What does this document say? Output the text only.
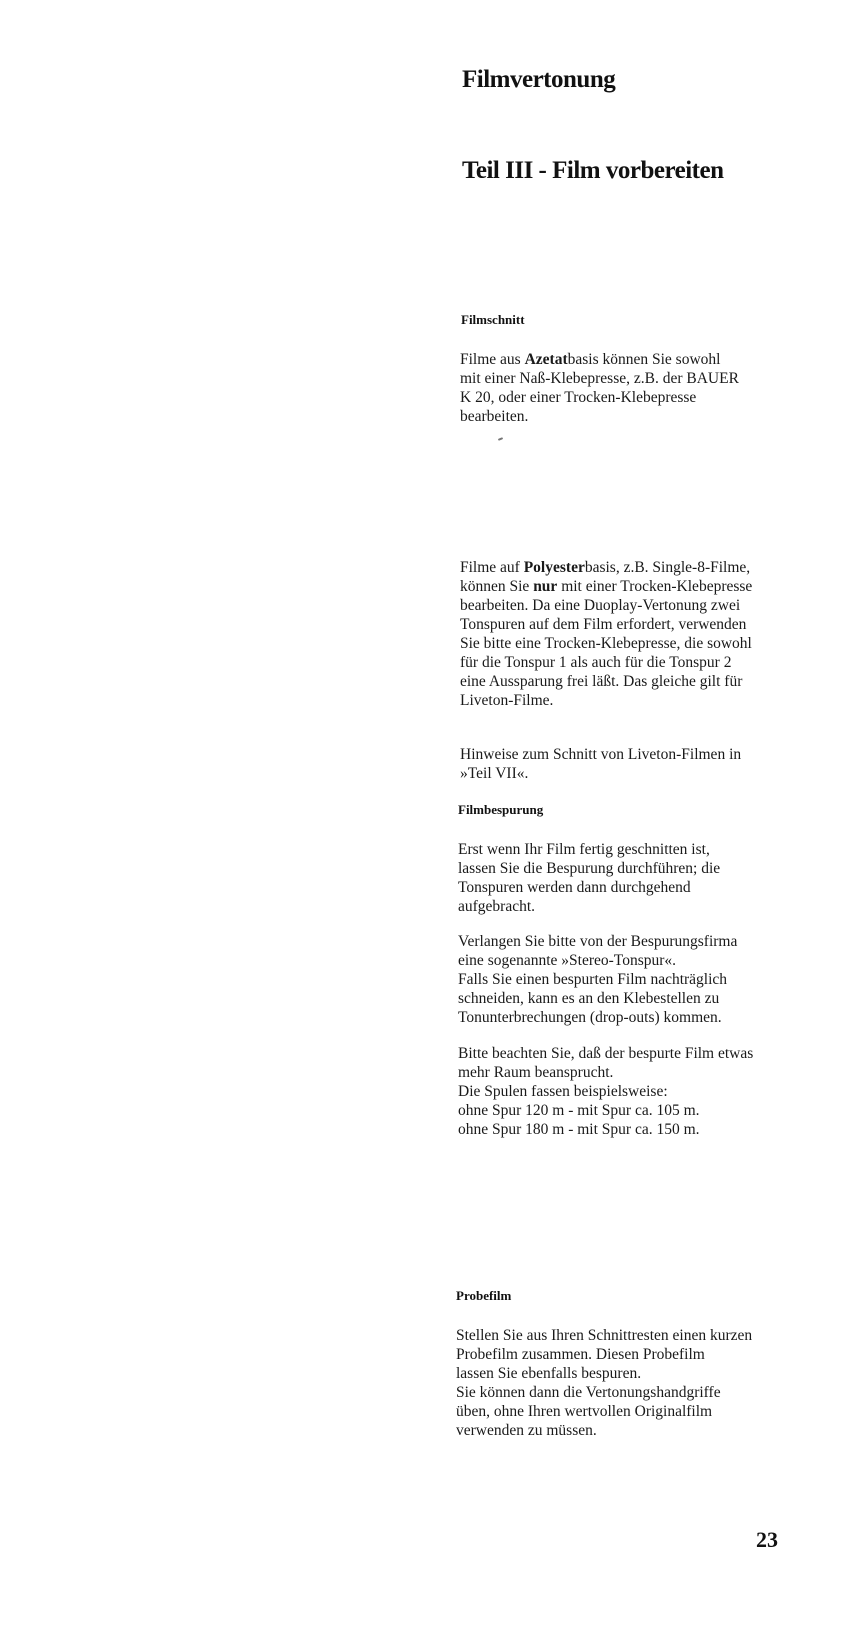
Filmvertonung
Teil III - Film vorbereiten
Filmschnitt

Filme aus Azetatbasis können Sie sowohl
mit einer Naß-Klebepresse, z.B. der BAUER
K 20, oder einer Trocken-Klebepresse
bearbeiten.

Filme auf Polyesterbasis, z.B. Single-8-Filme,
können Sie nur mit einer Trocken-Klebepresse
bearbeiten. Da eine Duoplay-Vertonung zwei
Tonspuren auf dem Film erfordert, verwenden
Sie bitte eine Trocken-Klebepresse, die sowohl
für die Tonspur 1 als auch für die Tonspur 2
eine Aussparung frei läßt. Das gleiche gilt für
Liveton-Filme.

Hinweise zum Schnitt von Liveton-Filmen in
»Teil VII«.

Filmbespurung

Erst wenn Ihr Film fertig geschnitten ist,
lassen Sie die Bespurung durchführen; die
Tonspuren werden dann durchgehend
aufgebracht.

Verlangen Sie bitte von der Bespurungsfirma
eine sogenannte »Stereo-Tonspur«.
Falls Sie einen bespurten Film nachträglich
schneiden, kann es an den Klebestellen zu
Tonunterbrechungen (drop-outs) kommen.

Bitte beachten Sie, daß der bespurte Film etwas
mehr Raum beansprucht.
Die Spulen fassen beispielsweise:
ohne Spur 120 m - mit Spur ca. 105 m.
ohne Spur 180 m - mit Spur ca. 150 m.

Probefilm

Stellen Sie aus Ihren Schnittresten einen kurzen
Probefilm zusammen. Diesen Probefilm
lassen Sie ebenfalls bespuren.
Sie können dann die Vertonungshandgriffe
üben, ohne Ihren wertvollen Originalfilm
verwenden zu müssen.

23
